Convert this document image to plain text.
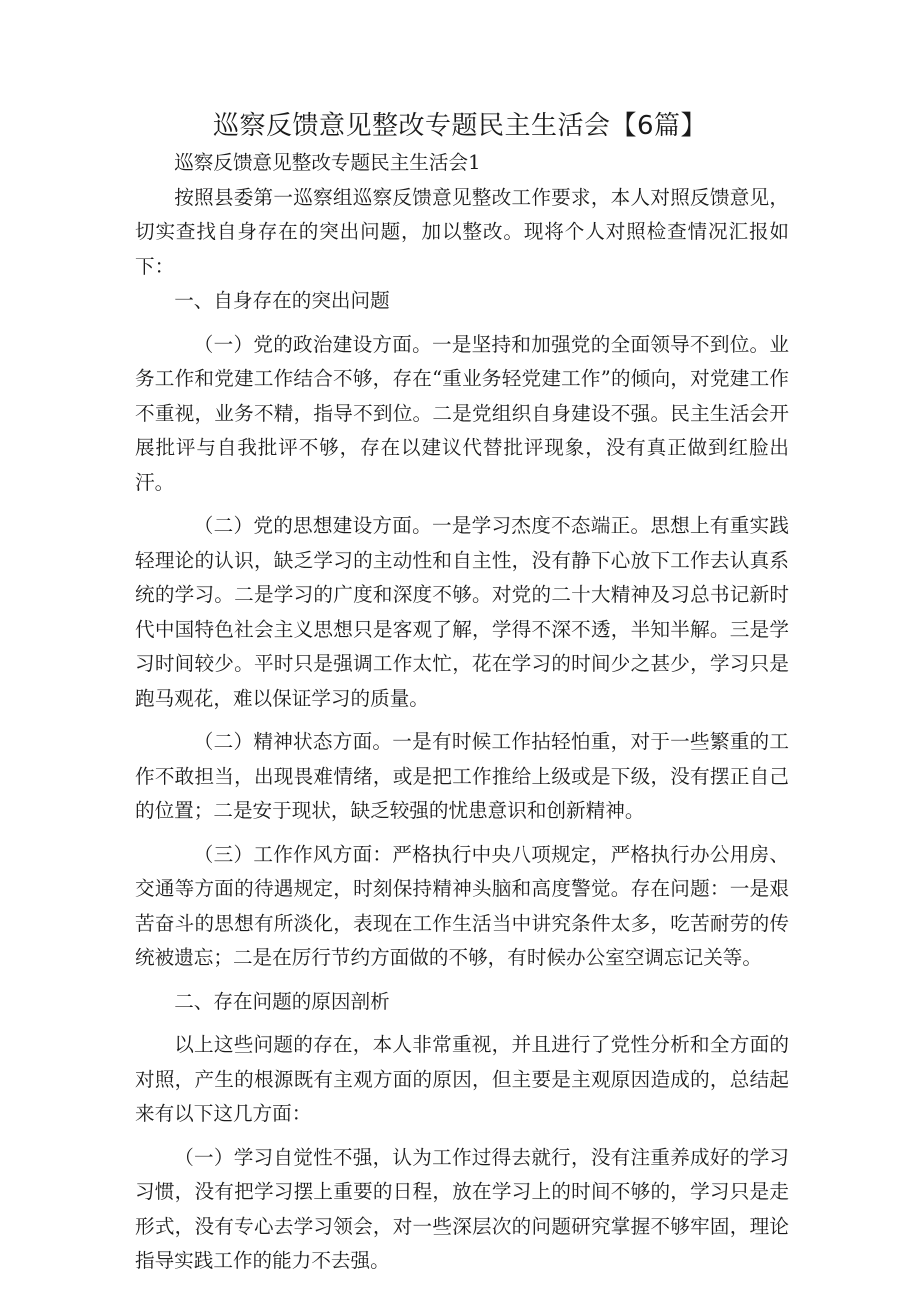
巡察反馈意见整改专题民主生活会【6篇】

巡察反馈意见整改专题民主生活会1

按照县委第一巡察组巡察反馈意见整改工作要求，本人对照反馈意见，切实查找自身存在的突出问题，加以整改。现将个人对照检查情况汇报如下：

一、自身存在的突出问题

（一）党的政治建设方面。一是坚持和加强党的全面领导不到位。业务工作和党建工作结合不够，存在“重业务轻党建工作”的倾向，对党建工作不重视，业务不精，指导不到位。二是党组织自身建设不强。民主生活会开展批评与自我批评不够，存在以建议代替批评现象，没有真正做到红脸出汗。

（二）党的思想建设方面。一是学习杰度不态端正。思想上有重实践轻理论的认识，缺乏学习的主动性和自主性，没有静下心放下工作去认真系统的学习。二是学习的广度和深度不够。对党的二十大精神及习总书记新时代中国特色社会主义思想只是客观了解，学得不深不透，半知半解。三是学习时间较少。平时只是强调工作太忙，花在学习的时间少之甚少，学习只是跑马观花，难以保证学习的质量。

（二）精神状态方面。一是有时候工作拈轻怕重，对于一些繁重的工作不敢担当，出现畏难情绪，或是把工作推给上级或是下级，没有摆正自己的位置；二是安于现状，缺乏较强的忧患意识和创新精神。

（三）工作作风方面：严格执行中央八项规定，严格执行办公用房、交通等方面的待遇规定，时刻保持精神头脑和高度警觉。存在问题：一是艰苦奋斗的思想有所淡化，表现在工作生活当中讲究条件太多，吃苦耐劳的传统被遗忘；二是在厉行节约方面做的不够，有时候办公室空调忘记关等。

二、存在问题的原因剖析

以上这些问题的存在，本人非常重视，并且进行了党性分析和全方面的对照，产生的根源既有主观方面的原因，但主要是主观原因造成的，总结起来有以下这几方面：

（一）学习自觉性不强，认为工作过得去就行，没有注重养成好的学习习惯，没有把学习摆上重要的日程，放在学习上的时间不够的，学习只是走形式，没有专心去学习领会，对一些深层次的问题研究掌握不够牢固，理论指导实践工作的能力不去强。
